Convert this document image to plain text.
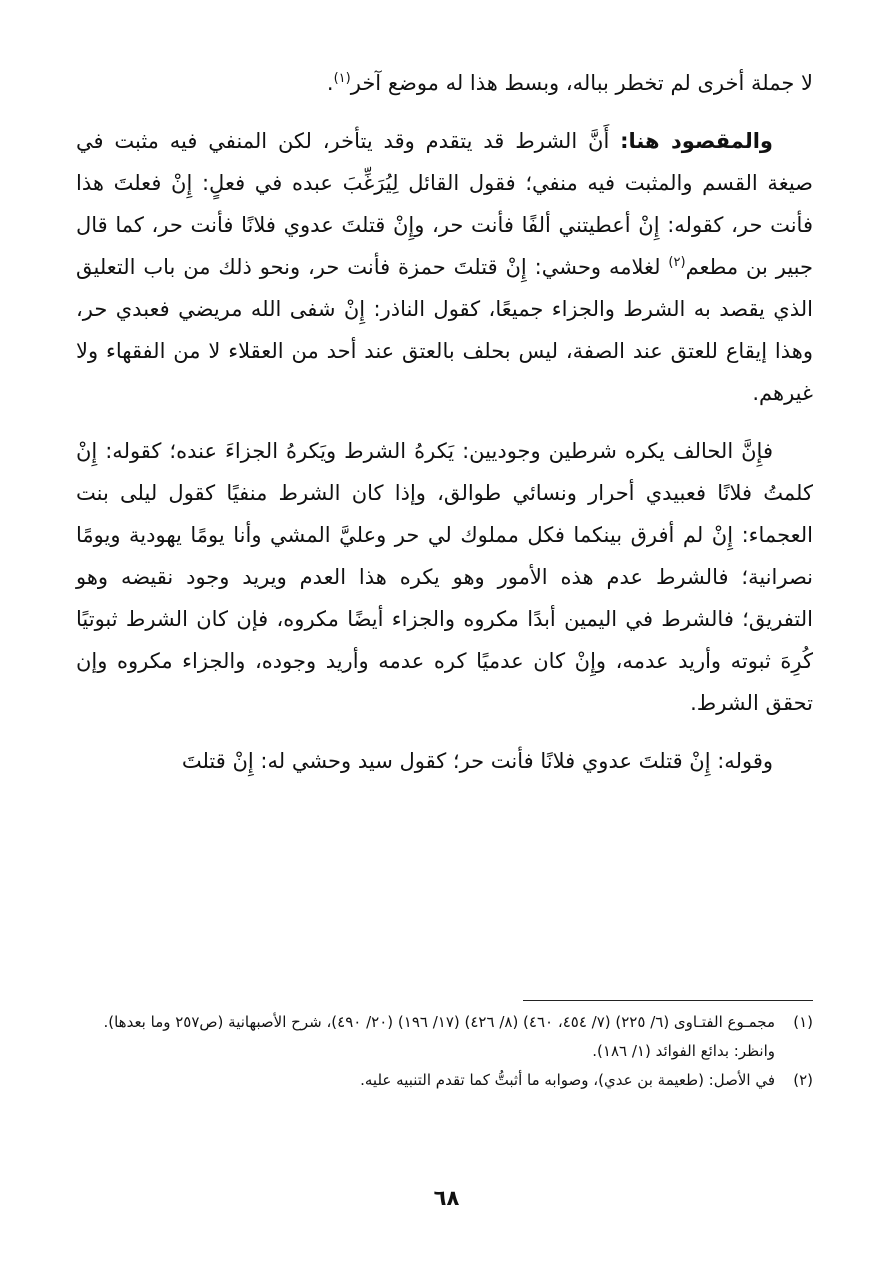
لا جملة أخرى لم تخطر بباله، وبسط هذا له موضع آخر$^{(١)}$.

والمقصود هنا: أَنَّ الشرط قد يتقدم وقد يتأخر، لكن المنفي فيه مثبت في صيغة القسم والمثبت فيه منفي؛ فقول القائل لِيُرَغِّبَ عبده في فعلٍ: إِنْ فعلتَ هذا فأنت حر، كقوله: إِنْ أعطيتني ألفًا فأنت حر، وإِنْ قتلتَ عدوي فلانًا فأنت حر، كما قال جبير بن مطعم$^{(٢)}$ لغلامه وحشي: إِنْ قتلتَ حمزة فأنت حر، ونحو ذلك من باب التعليق الذي يقصد به الشرط والجزاء جميعًا، كقول الناذر: إِنْ شفى الله مريضي فعبدي حر، وهذا إيقاع للعتق عند الصفة، ليس بحلف بالعتق عند أحد من العقلاء لا من الفقهاء ولا غيرهم.

فإِنَّ الحالف يكره شرطين وجوديين: يَكرهُ الشرط ويَكرهُ الجزاءَ عنده؛ كقوله: إِنْ كلمتُ فلانًا فعبيدي أحرار ونسائي طوالق، وإذا كان الشرط منفيًا كقول ليلى بنت العجماء: إِنْ لم أفرق بينكما فكل مملوك لي حر وعليَّ المشي وأنا يومًا يهودية ويومًا نصرانية؛ فالشرط عدم هذه الأمور وهو يكره هذا العدم ويريد وجود نقيضه وهو التفريق؛ فالشرط في اليمين أبدًا مكروه والجزاء أيضًا مكروه، فإن كان الشرط ثبوتيًا كُرِهَ ثبوته وأريد عدمه، وإِنْ كان عدميًا كره عدمه وأريد وجوده، والجزاء مكروه وإن تحقق الشرط.

وقوله: إِنْ قتلتَ عدوي فلانًا فأنت حر؛ كقول سيد وحشي له: إِنْ قتلتَ

(١)
مجمـوع الفتـاوى (٦/ ٢٢٥) (٧/ ٤٥٤، ٤٦٠) (٨/ ٤٢٦) (١٧/ ١٩٦) (٢٠/ ٤٩٠)، شرح الأصبهانية (ص٢٥٧ وما بعدها).
وانظر: بدائع الفوائد (١/ ١٨٦).
(٢)
في الأصل: (طعيمة بن عدي)، وصوابه ما أثبتُّ كما تقدم التنبيه عليه.
٦٨
